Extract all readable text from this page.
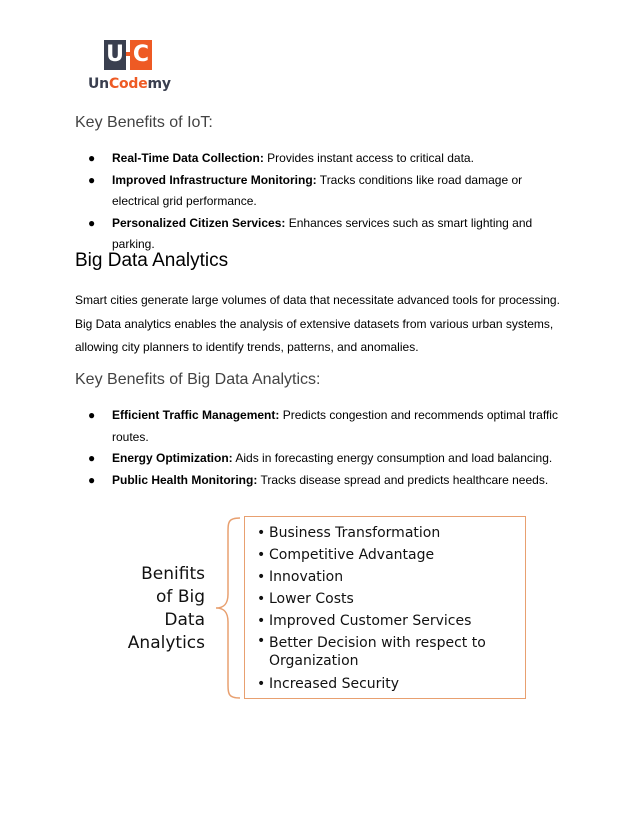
U C
UnCodemy
Key Benefits of IoT:
● Real-Time Data Collection: Provides instant access to critical data.
● Improved Infrastructure Monitoring: Tracks conditions like road damage or electrical grid performance.
● Personalized Citizen Services: Enhances services such as smart lighting and parking.
Big Data Analytics

Smart cities generate large volumes of data that necessitate advanced tools for processing. Big Data analytics enables the analysis of extensive datasets from various urban systems, allowing city planners to identify trends, patterns, and anomalies.

Key Benefits of Big Data Analytics:
● Efficient Traffic Management: Predicts congestion and recommends optimal traffic routes.
● Energy Optimization: Aids in forecasting energy consumption and load balancing.
● Public Health Monitoring: Tracks disease spread and predicts healthcare needs.
Benifits
of Big
Data
Analytics
• Business Transformation
• Competitive Advantage
• Innovation
• Lower Costs
• Improved Customer Services
• Better Decision with respect to Organization
• Increased Security
